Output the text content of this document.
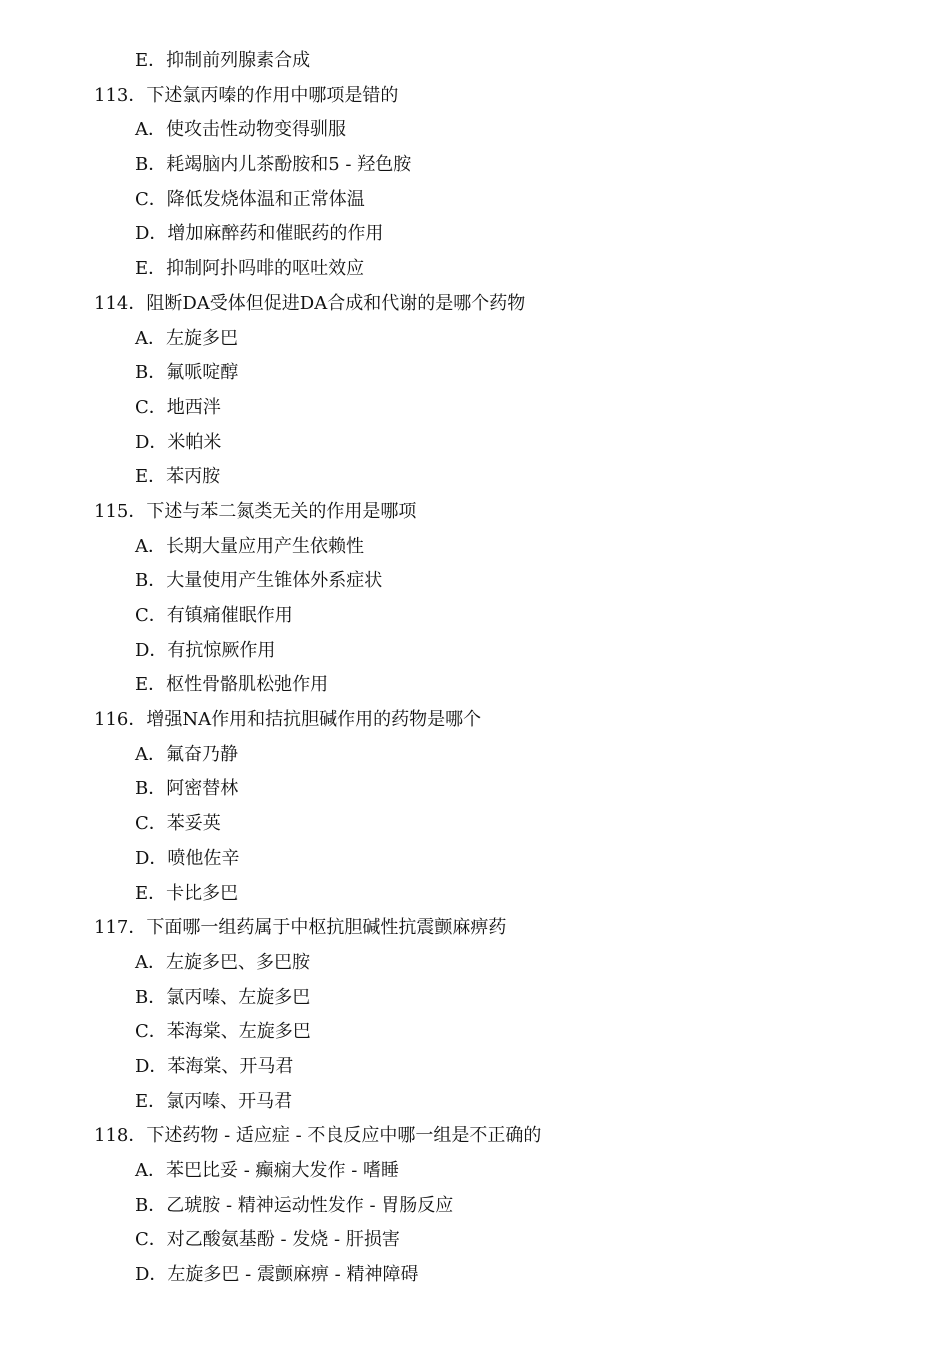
E．抑制前列腺素合成
113．下述氯丙嗪的作用中哪项是错的
A．使攻击性动物变得驯服
B．耗竭脑内儿茶酚胺和5 - 羟色胺
C．降低发烧体温和正常体温
D．增加麻醉药和催眠药的作用
E．抑制阿扑吗啡的呕吐效应
114．阻断DA受体但促进DA合成和代谢的是哪个药物
A．左旋多巴
B．氟哌啶醇
C．地西泮
D．米帕米
E．苯丙胺
115．下述与苯二氮类无关的作用是哪项
A．长期大量应用产生依赖性
B．大量使用产生锥体外系症状
C．有镇痛催眠作用
D．有抗惊厥作用
E．枢性骨骼肌松弛作用
116．增强NA作用和拮抗胆碱作用的药物是哪个
A．氟奋乃静
B．阿密替林
C．苯妥英
D．喷他佐辛
E．卡比多巴
117．下面哪一组药属于中枢抗胆碱性抗震颤麻痹药
A．左旋多巴、多巴胺
B．氯丙嗪、左旋多巴
C．苯海棠、左旋多巴
D．苯海棠、开马君
E．氯丙嗪、开马君
118．下述药物 - 适应症 - 不良反应中哪一组是不正确的
A．苯巴比妥 - 癫痫大发作 - 嗜睡
B．乙琥胺 - 精神运动性发作 - 胃肠反应
C．对乙酸氨基酚 - 发烧 - 肝损害
D．左旋多巴 - 震颤麻痹 - 精神障碍
